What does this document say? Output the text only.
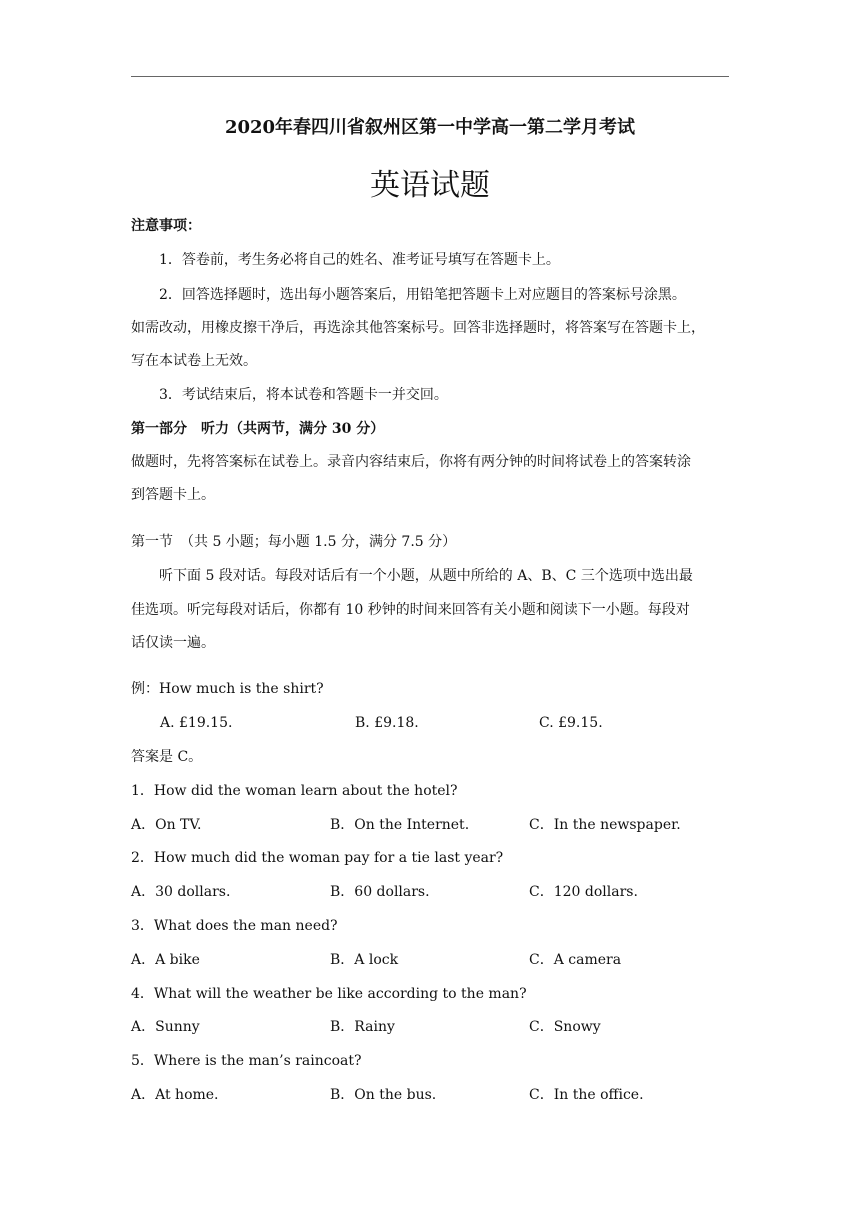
2020年春四川省叙州区第一中学高一第二学月考试
英语试题
注意事项：
1．答卷前，考生务必将自己的姓名、准考证号填写在答题卡上。
2．回答选择题时，选出每小题答案后，用铅笔把答题卡上对应题目的答案标号涂黑。
如需改动，用橡皮擦干净后，再选涂其他答案标号。回答非选择题时，将答案写在答题卡上，
写在本试卷上无效。
3．考试结束后，将本试卷和答题卡一并交回。
第一部分　听力（共两节，满分 30 分）
做题时，先将答案标在试卷上。录音内容结束后，你将有两分钟的时间将试卷上的答案转涂
到答题卡上。
第一节　（共 5 小题；每小题 1.5 分，满分 7.5 分）
听下面 5 段对话。每段对话后有一个小题，从题中所给的 A、B、C 三个选项中选出最
佳选项。听完每段对话后，你都有 10 秒钟的时间来回答有关小题和阅读下一小题。每段对
话仅读一遍。
例：How much is the shirt?
A. £19.15.	B. £9.18.	C. £9.15.
答案是 C。
1．How did the woman learn about the hotel?
A．On TV.	B．On the Internet.	C．In the newspaper.
2．How much did the woman pay for a tie last year?
A．30 dollars.	B．60 dollars.	C．120 dollars.
3．What does the man need?
A．A bike	B．A lock	C．A camera
4．What will the weather be like according to the man?
A．Sunny	B．Rainy	C．Snowy
5．Where is the man’s raincoat?
A．At home.	B．On the bus.	C．In the office.
